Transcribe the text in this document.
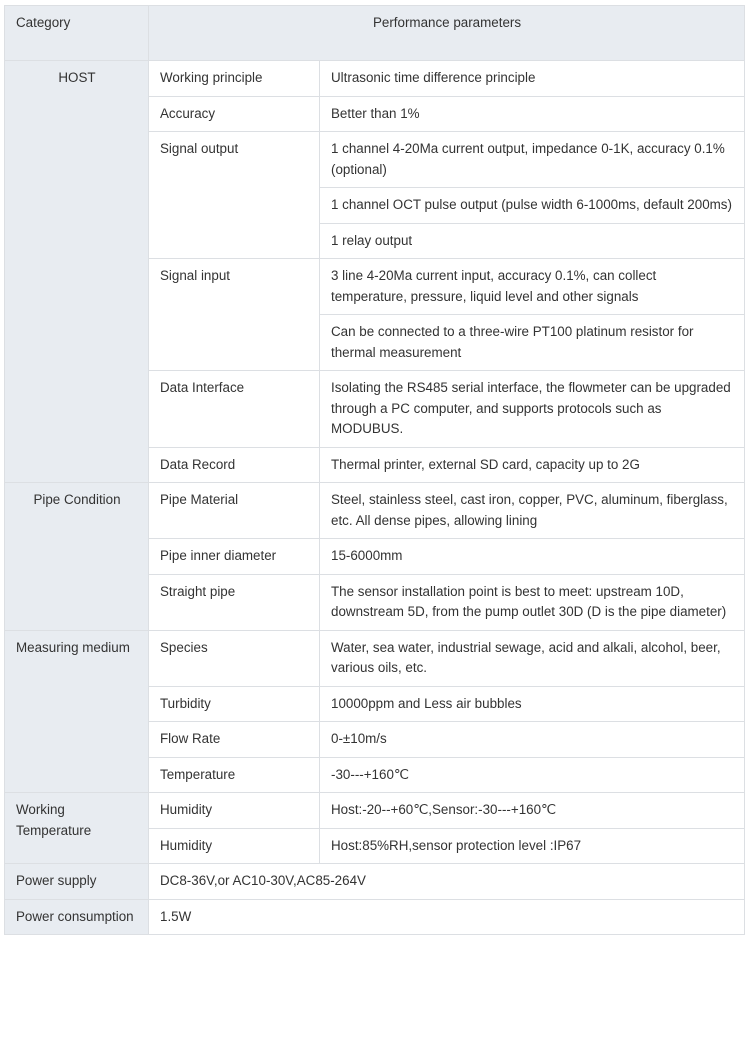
Category	Performance parameters	
HOST	Working principle	Ultrasonic time difference principle
	Accuracy	Better than 1%
	Signal output	1 channel 4-20Ma current output, impedance 0-1K, accuracy 0.1% (optional)
		1 channel OCT pulse output (pulse width 6-1000ms, default 200ms)
		1 relay output
	Signal input	3 line 4-20Ma current input, accuracy 0.1%, can collect temperature, pressure, liquid level and other signals
		Can be connected to a three-wire PT100 platinum resistor for thermal measurement
	Data Interface	Isolating the RS485 serial interface, the flowmeter can be upgraded through a PC computer, and supports protocols such as MODUBUS.
	Data Record	Thermal printer, external SD card, capacity up to 2G
Pipe Condition	Pipe Material	Steel, stainless steel, cast iron, copper, PVC, aluminum, fiberglass, etc. All dense pipes, allowing lining
	Pipe inner diameter	15-6000mm
	Straight pipe	The sensor installation point is best to meet: upstream 10D, downstream 5D, from the pump outlet 30D (D is the pipe diameter)
Measuring medium	Species	Water, sea water, industrial sewage, acid and alkali, alcohol, beer, various oils, etc.
	Turbidity	10000ppm and Less air bubbles
	Flow Rate	0-±10m/s
	Temperature	-30---+160℃
Working Temperature	Humidity	Host:-20--+60℃,Sensor:-30---+160℃
	Humidity	Host:85%RH,sensor protection level :IP67
Power supply	DC8-36V,or AC10-30V,AC85-264V	
Power consumption	1.5W	
